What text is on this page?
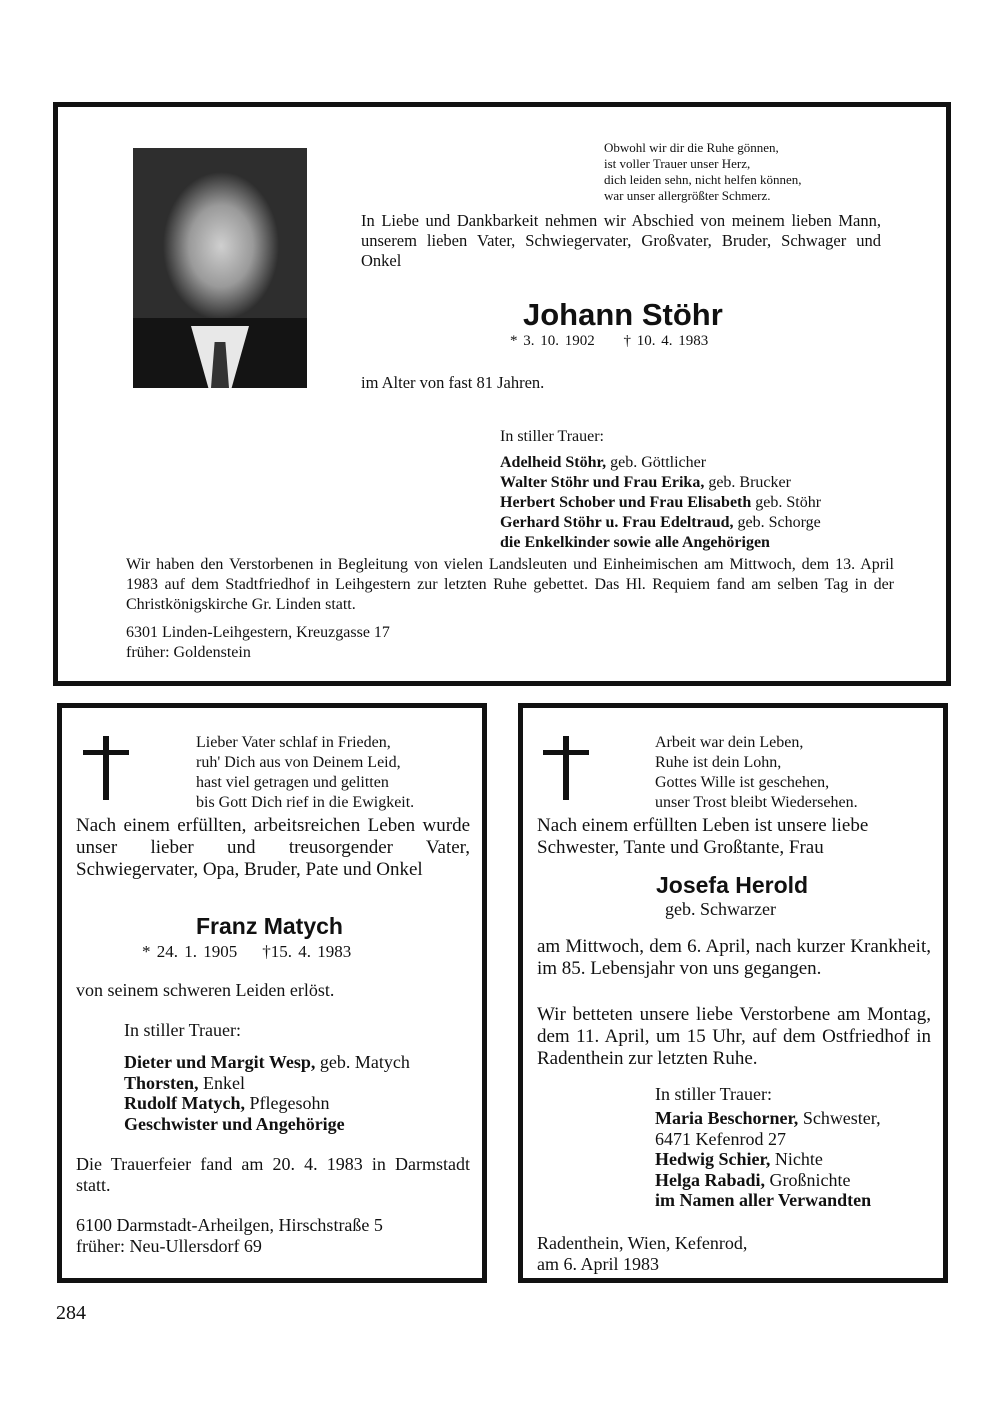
Obwohl wir dir die Ruhe gönnen,
ist voller Trauer unser Herz,
dich leiden sehn, nicht helfen können,
war unser allergrößter Schmerz.
In Liebe und Dankbarkeit nehmen wir Abschied von meinem lieben Mann, unserem lieben Vater, Schwiegervater, Großvater, Bruder, Schwager und Onkel
Johann Stöhr
* 3. 10. 1902 † 10. 4. 1983
im Alter von fast 81 Jahren.
In stiller Trauer:
Adelheid Stöhr, geb. Göttlicher
Walter Stöhr und Frau Erika, geb. Brucker
Herbert Schober und Frau Elisabeth geb. Stöhr
Gerhard Stöhr u. Frau Edeltraud, geb. Schorge
die Enkelkinder sowie alle Angehörigen
Wir haben den Verstorbenen in Begleitung von vielen Landsleuten und Einheimischen am Mittwoch, dem 13. April 1983 auf dem Stadtfriedhof in Leihgestern zur letzten Ruhe gebettet. Das Hl. Requiem fand am selben Tag in der Christkönigskirche Gr. Linden statt.
6301 Linden-Leihgestern, Kreuzgasse 17
früher: Goldenstein
Lieber Vater schlaf in Frieden,
ruh' Dich aus von Deinem Leid,
hast viel getragen und gelitten
bis Gott Dich rief in die Ewigkeit.
Nach einem erfüllten, arbeitsreichen Leben wurde unser lieber und treusorgender Vater, Schwiegervater, Opa, Bruder, Pate und Onkel
Franz Matych
* 24. 1. 1905 †15. 4. 1983
von seinem schweren Leiden erlöst.
In stiller Trauer:
Dieter und Margit Wesp, geb. Matych
Thorsten, Enkel
Rudolf Matych, Pflegesohn
Geschwister und Angehörige
Die Trauerfeier fand am 20. 4. 1983 in Darmstadt statt.
6100 Darmstadt-Arheilgen, Hirschstraße 5
früher: Neu-Ullersdorf 69
Arbeit war dein Leben,
Ruhe ist dein Lohn,
Gottes Wille ist geschehen,
unser Trost bleibt Wiedersehen.
Nach einem erfüllten Leben ist unsere liebe Schwester, Tante und Großtante, Frau
Josefa Herold
geb. Schwarzer
am Mittwoch, dem 6. April, nach kurzer Krankheit, im 85. Lebensjahr von uns gegangen.
Wir betteten unsere liebe Verstorbene am Montag, dem 11. April, um 15 Uhr, auf dem Ostfriedhof in Radenthein zur letzten Ruhe.
In stiller Trauer:
Maria Beschorner, Schwester,
6471 Kefenrod 27
Hedwig Schier, Nichte
Helga Rabadi, Großnichte
im Namen aller Verwandten
Radenthein, Wien, Kefenrod,
am 6. April 1983
284
